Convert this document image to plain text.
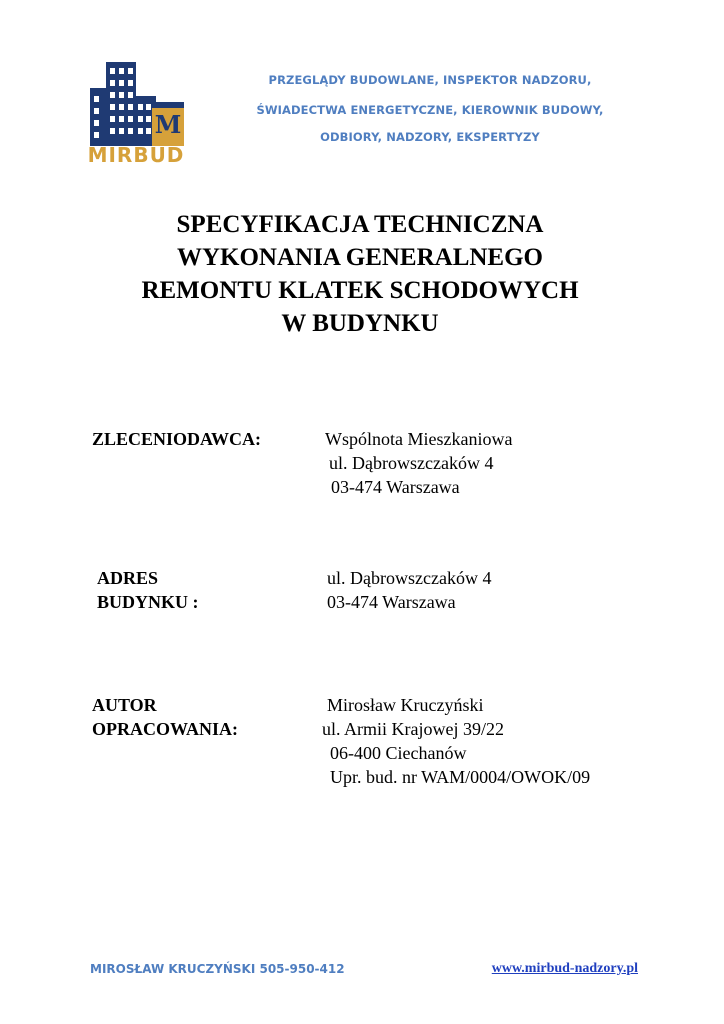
M
MIRBUD
PRZEGLĄDY BUDOWLANE, INSPEKTOR NADZORU,
ŚWIADECTWA ENERGETYCZNE, KIEROWNIK BUDOWY,
ODBIORY, NADZORY, EKSPERTYZY
SPECYFIKACJA TECHNICZNA
WYKONANIA GENERALNEGO
REMONTU KLATEK SCHODOWYCH
W BUDYNKU
ZLECENIODAWCA:	Wspólnota Mieszkaniowa
ul. Dąbrowszczaków 4
03-474 Warszawa
ADRES
BUDYNKU :
ul. Dąbrowszczaków 4
03-474 Warszawa
AUTOR
OPRACOWANIA:
Mirosław Kruczyński
ul. Armii Krajowej 39/22
06-400 Ciechanów
Upr. bud. nr WAM/0004/OWOK/09
MIROSŁAW KRUCZYŃSKI 505-950-412	www.mirbud-nadzory.pl
